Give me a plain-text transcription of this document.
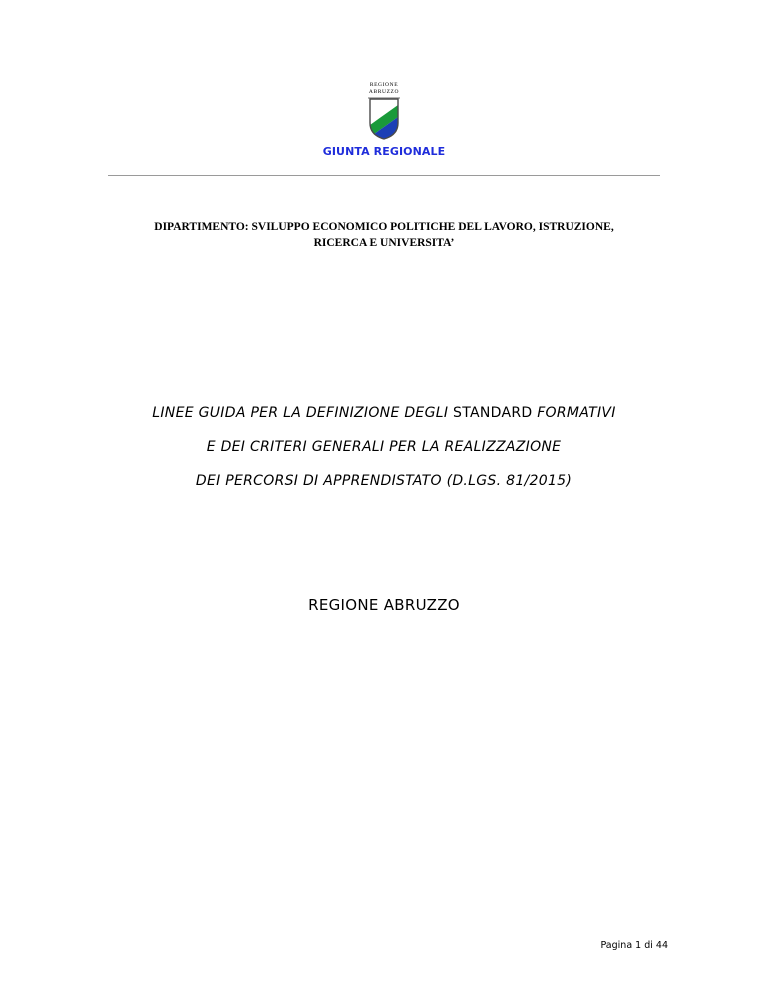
REGIONE
ABRUZZO
GIUNTA REGIONALE
DIPARTIMENTO: SVILUPPO ECONOMICO POLITICHE DEL LAVORO, ISTRUZIONE,
RICERCA E UNIVERSITA’
LINEE GUIDA PER LA DEFINIZIONE DEGLI STANDARD FORMATIVI
E DEI CRITERI GENERALI PER LA REALIZZAZIONE
DEI PERCORSI DI APPRENDISTATO (D.LGS. 81/2015)
REGIONE ABRUZZO
Pagina 1 di 44
